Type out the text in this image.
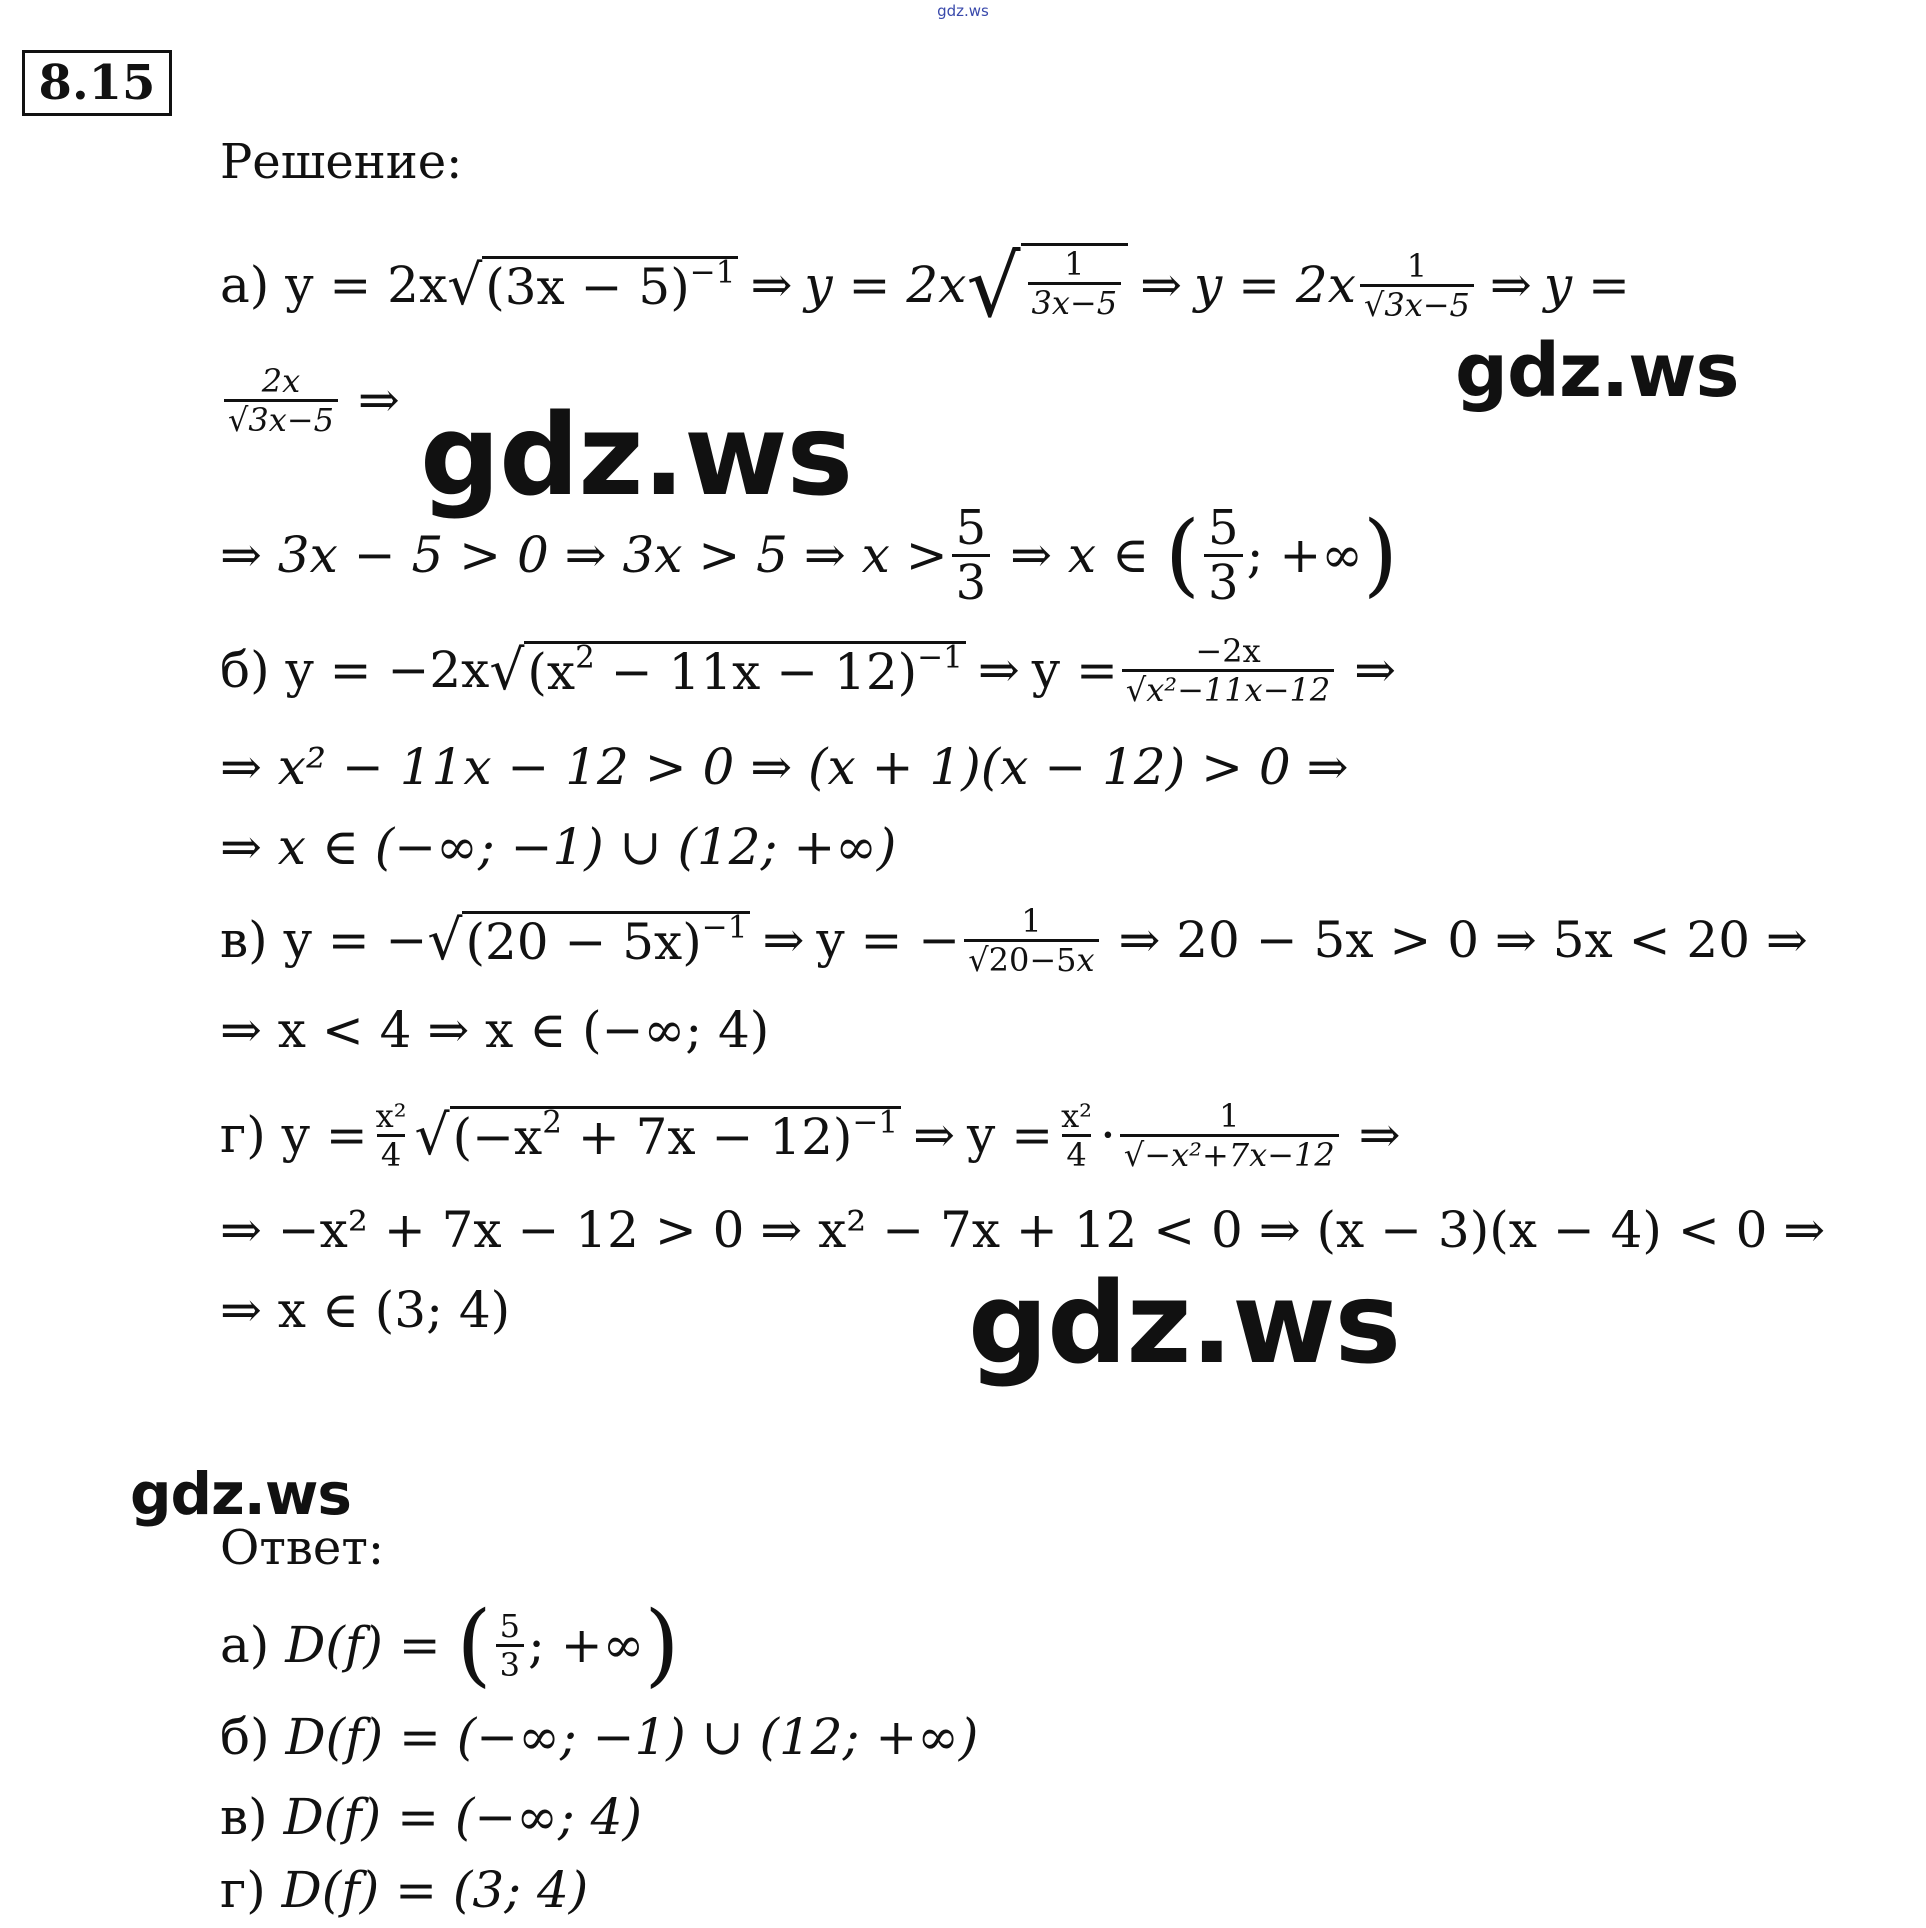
gdz.ws
8.15
Решение:
а)
y = 2x √ $(3x - 5)^{-1}$ ⇒ y = 2x √ $\frac{1}{3x-5}$ ⇒ $y = 2x \frac{1}{√3x-5}$ ⇒ y =
$\frac{2x}{√3x-5}$ ⇒
⇒ 3x − 5 > 0 ⇒ 3x > 5 ⇒ $x > \frac{5}{3}$
⇒ x ∈
( $\frac{5}{3}$ ; +∞ )
б)
y = −2x √ $(x^2 - 11x - 12)^{-1}$ ⇒ $y = \frac{-2x}{\text{√x²−11x−12}}$ ⇒
⇒ x² − 11x − 12 > 0 ⇒ (x + 1)(x − 12) > 0 ⇒
⇒ x ∈ (−∞; −1) ∪ (12; +∞)
в)
y = − √ $(20 - 5x)^{-1}$ ⇒ y = − $\frac{1}{√20-5x}$
⇒ 20 − 5x > 0 ⇒ 5x < 20 ⇒
⇒ x < 4 ⇒ x ∈ (−∞; 4)
г)
$y = \frac{\text{x²}}{4}$ √ $(-x^2 + 7x - 12)^{-1}$ ⇒ $y = \frac{\text{x²}}{4} \cdot \frac{1}{\text{√−x²+7x−12}}$ ⇒
⇒ −x² + 7x − 12 > 0 ⇒ x² − 7x + 12 < 0 ⇒ (x − 3)(x − 4) < 0 ⇒
⇒ x ∈ (3; 4)
gdz.ws
gdz.ws
gdz.ws
gdz.ws
Ответ:
а)
D(f) =
( $\frac{5}{3}$ ; +∞ )
б)
D(f) = (−∞; −1) ∪ (12; +∞)
в)
D(f) = (−∞; 4)
г)
D(f) = (3; 4)
